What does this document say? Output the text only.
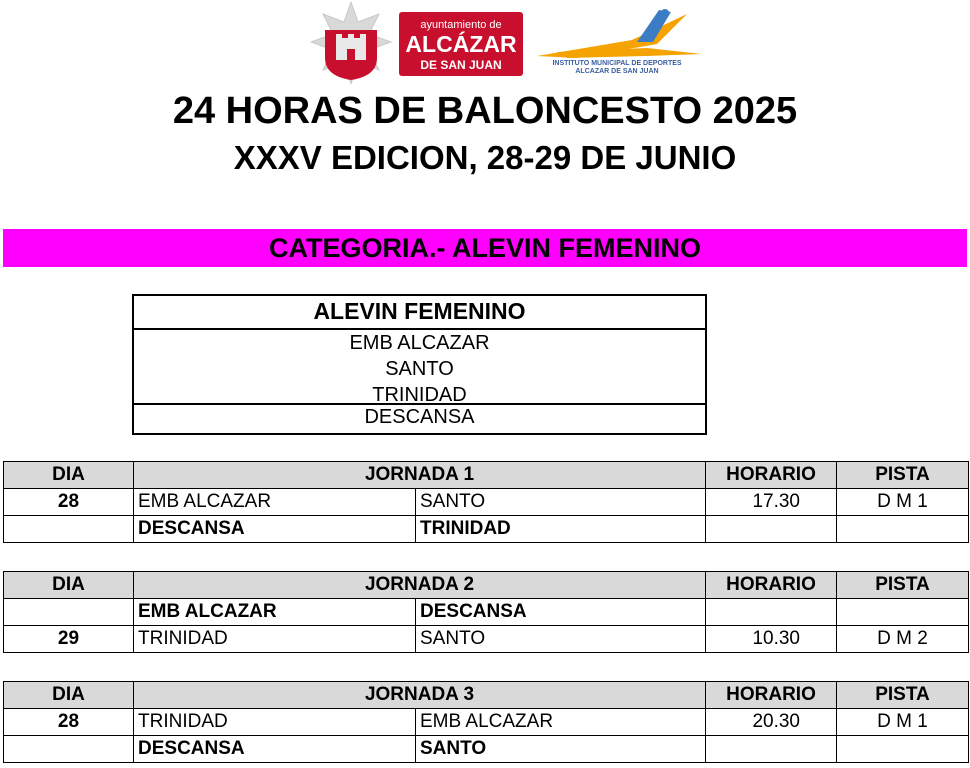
ayuntamiento de
ALCÁZAR
DE SAN JUAN	INSTITUTO MUNICIPAL DE DEPORTES
ALCAZAR DE SAN JUAN
24 HORAS DE BALONCESTO 2025
XXXV EDICION, 28-29 DE JUNIO
CATEGORIA.- ALEVIN FEMENINO
ALEVIN FEMENINO
EMB ALCAZAR
SANTO
TRINIDAD
DESCANSA
DIA	JORNADA 1		HORARIO	PISTA
28	EMB ALCAZAR	SANTO	17.30	D M 1
	DESCANSA	TRINIDAD		
DIA	JORNADA 2		HORARIO	PISTA
	EMB ALCAZAR	DESCANSA		
29	TRINIDAD	SANTO	10.30	D M 2
DIA	JORNADA 3		HORARIO	PISTA
28	TRINIDAD	EMB ALCAZAR	20.30	D M 1
	DESCANSA	SANTO		
